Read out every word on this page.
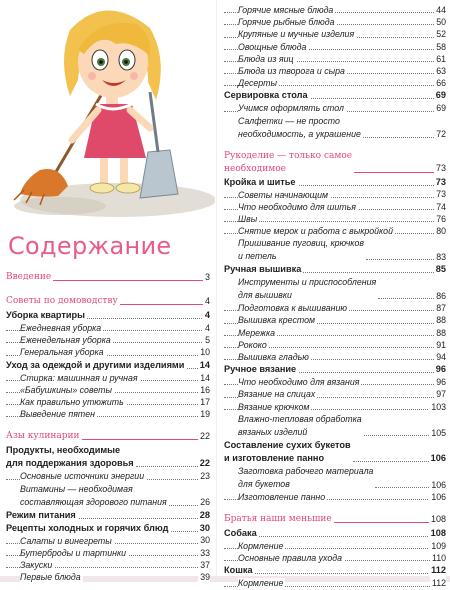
Содержание
Введение	3
Советы по домоводству	4
Уборка квартиры	4
Ежедневная уборка	4
Еженедельная уборка	5
Генеральная уборка	10
Уход за одеждой и другими изделиями 14
Стирка: машинная и ручная	14
«Бабушкины» советы	16
Как правильно утюжить	17
Выведение пятен	19
Азы кулинарии	22
Продукты, необходимые
для поддержания здоровья	22
Основные источники энергии	23
Витамины — необходимая
составляющая здорового питания	26
Режим питания	28
Рецепты холодных и горячих блюд	30
Салаты и винегреты	30
Бутерброды и тартинки	33
Закуски	37
Первые блюда	39
Горячие мясные блюда	44
Горячие рыбные блюда	50
Крупяные и мучные изделия	52
Овощные блюда	58
Блюда из яиц	61
Блюда из творога и сыра	63
Десерты	66
Сервировка стола	69
Учимся оформлять стол	69
Салфетки — не просто
необходимость, а украшение	72
Рукоделие — только самое
необходимое	73
Кройка и шитье	73
Советы начинающим	73
Что необходимо для шитья	74
Швы	76
Снятие мерок и работа с выкройкой	80
Пришивание пуговиц, крючков
и петель	83
Ручная вышивка	85
Инструменты и приспособления
для вышивки	86
Подготовка к вышиванию	87
Вышивка крестом	88
Мережка	88
Рококо	91
Вышивка гладью	94
Ручное вязание	96
Что необходимо для вязания	96
Вязание на спицах	97
Вязание крючком	103
Влажно-тепловая обработка
вязаных изделий	105
Составление сухих букетов
и изготовление панно	106
Заготовка рабочего материала
для букетов	106
Изготовление панно	106
Братья наши меньшие	108
Собака	108
Кормление	109
Основные правила ухода	110
Кошка	112
Кормление	112
